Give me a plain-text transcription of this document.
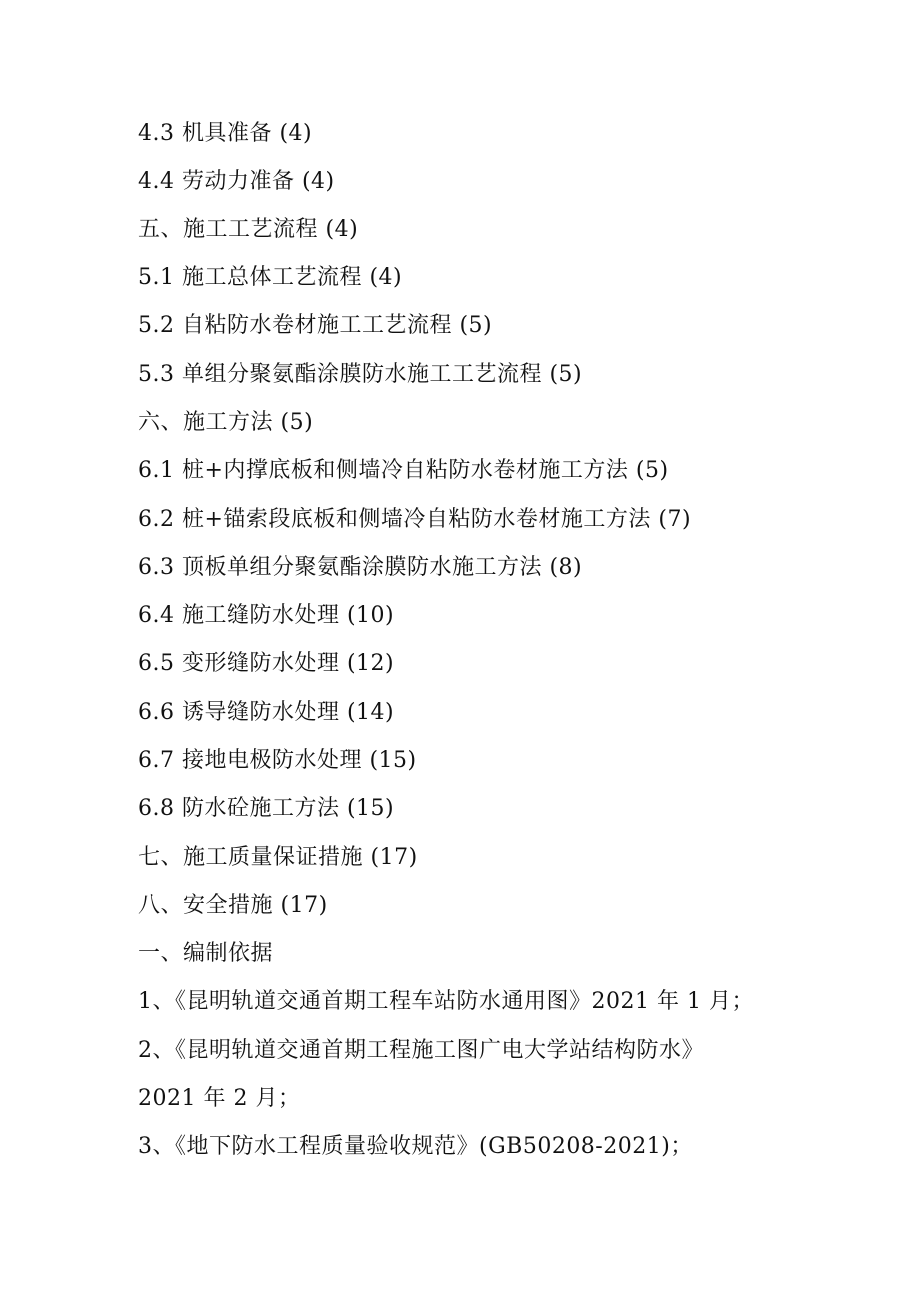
4.3 机具准备 (4)
4.4 劳动力准备 (4)
五、施工工艺流程 (4)
5.1 施工总体工艺流程 (4)
5.2 自粘防水卷材施工工艺流程 (5)
5.3 单组分聚氨酯涂膜防水施工工艺流程 (5)
六、施工方法 (5)
6.1 桩+内撑底板和侧墙冷自粘防水卷材施工方法 (5)
6.2 桩+锚索段底板和侧墙冷自粘防水卷材施工方法 (7)
6.3 顶板单组分聚氨酯涂膜防水施工方法 (8)
6.4 施工缝防水处理 (10)
6.5 变形缝防水处理 (12)
6.6 诱导缝防水处理 (14)
6.7 接地电极防水处理 (15)
6.8 防水砼施工方法 (15)
七、施工质量保证措施 (17)
八、安全措施 (17)
一、编制依据
1、《昆明轨道交通首期工程车站防水通用图》2021 年 1 月；
2、《昆明轨道交通首期工程施工图广电大学站结构防水》
2021 年 2 月；
3、《地下防水工程质量验收规范》(GB50208-2021)；
